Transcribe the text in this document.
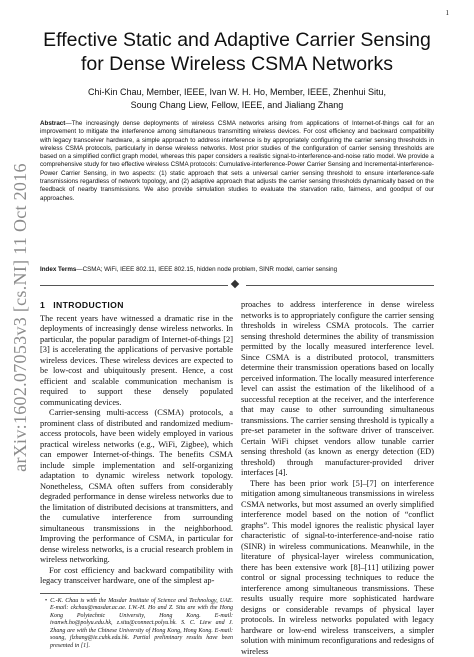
1
arXiv:1602.07053v3 [cs.NI] 11 Oct 2016
Effective Static and Adaptive Carrier Sensing for Dense Wireless CSMA Networks
Chi-Kin Chau, Member, IEEE, Ivan W. H. Ho, Member, IEEE, Zhenhui Situ,
Soung Chang Liew, Fellow, IEEE, and Jialiang Zhang

Abstract—The increasingly dense deployments of wireless CSMA networks arising from applications of Internet-of-things call for an improvement to mitigate the interference among simultaneous transmitting wireless devices. For cost efficiency and backward compatibility with legacy transceiver hardware, a simple approach to address interference is by appropriately configuring the carrier sensing thresholds in wireless CSMA protocols, particularly in dense wireless networks. Most prior studies of the configuration of carrier sensing thresholds are based on a simplified conflict graph model, whereas this paper considers a realistic signal-to-interference-and-noise ratio model. We provide a comprehensive study for two effective wireless CSMA protocols: Cumulative-interference-Power Carrier Sensing and Incremental-interference-Power Carrier Sensing, in two aspects: (1) static approach that sets a universal carrier sensing threshold to ensure interference-safe transmissions regardless of network topology, and (2) adaptive approach that adjusts the carrier sensing thresholds dynamically based on the feedback of nearby transmissions. We also provide simulation studies to evaluate the starvation ratio, fairness, and goodput of our approaches.

Index Terms—CSMA; WiFi, IEEE 802.11, IEEE 802.15, hidden node problem, SINR model, carrier sensing

1 INTRODUCTION

The recent years have witnessed a dramatic rise in the deployments of increasingly dense wireless networks. In particular, the popular paradigm of Internet-of-things [2] [3] is accelerating the applications of pervasive portable wireless devices. These wireless devices are expected to be low-cost and ubiquitously present. Hence, a cost efficient and scalable communication mechanism is required to support these densely populated communicating devices.

Carrier-sensing multi-access (CSMA) protocols, a prominent class of distributed and randomized medium-access protocols, have been widely employed in various practical wireless networks (e.g., WiFi, Zigbee), which can empower Internet-of-things. The benefits CSMA include simple implementation and self-organizing adaptation to dynamic wireless network topology. Nonetheless, CSMA often suffers from considerably degraded performance in dense wireless networks due to the limitation of distributed decisions at transmitters, and the cumulative interference from surrounding simultaneous transmissions in the neighborhood. Improving the performance of CSMA, in particular for dense wireless networks, is a crucial research problem in wireless networking.

For cost efficiency and backward compatibility with legacy transceiver hardware, one of the simplest ap-

• C.-K. Chau is with the Masdar Institute of Science and Technology, UAE. E-mail: ckchau@masdar.ac.ae. I.W.-H. Ho and Z. Situ are with the Hong Kong Polytechnic University, Hong Kong. E-mail: ivanwh.ho@polyu.edu.hk, z.situ@connect.polyu.hk. S. C. Liew and J. Zhang are with the Chinese University of Hong Kong, Hong Kong. E-mail: soung, jlzhang@ie.cuhk.edu.hk. Partial preliminary results have been presented in [1].

proaches to address interference in dense wireless networks is to appropriately configure the carrier sensing thresholds in wireless CSMA protocols. The carrier sensing threshold determines the ability of transmission permitted by the locally measured interference level. Since CSMA is a distributed protocol, transmitters determine their transmission operations based on locally perceived information. The locally measured interference level can assist the estimation of the likelihood of a successful reception at the receiver, and the interference that may cause to other surrounding simultaneous transmissions. The carrier sensing threshold is typically a pre-set parameter in the software driver of transceiver. Certain WiFi chipset vendors allow tunable carrier sensing threshold (as known as energy detection (ED) threshold) through manufacturer-provided driver interfaces [4].

There has been prior work [5]–[7] on interference mitigation among simultaneous transmissions in wireless CSMA networks, but most assumed an overly simplified interference model based on the notion of “conflict graphs”. This model ignores the realistic physical layer characteristic of signal-to-interference-and-noise ratio (SINR) in wireless communications. Meanwhile, in the literature of physical-layer wireless communication, there has been extensive work [8]–[11] utilizing power control or signal processing techniques to reduce the interference among simultaneous transmissions. These results usually require more sophisticated hardware designs or considerable revamps of physical layer protocols. In wireless networks populated with legacy hardware or low-end wireless transceivers, a simpler solution with minimum reconfigurations and redesigns of wireless
